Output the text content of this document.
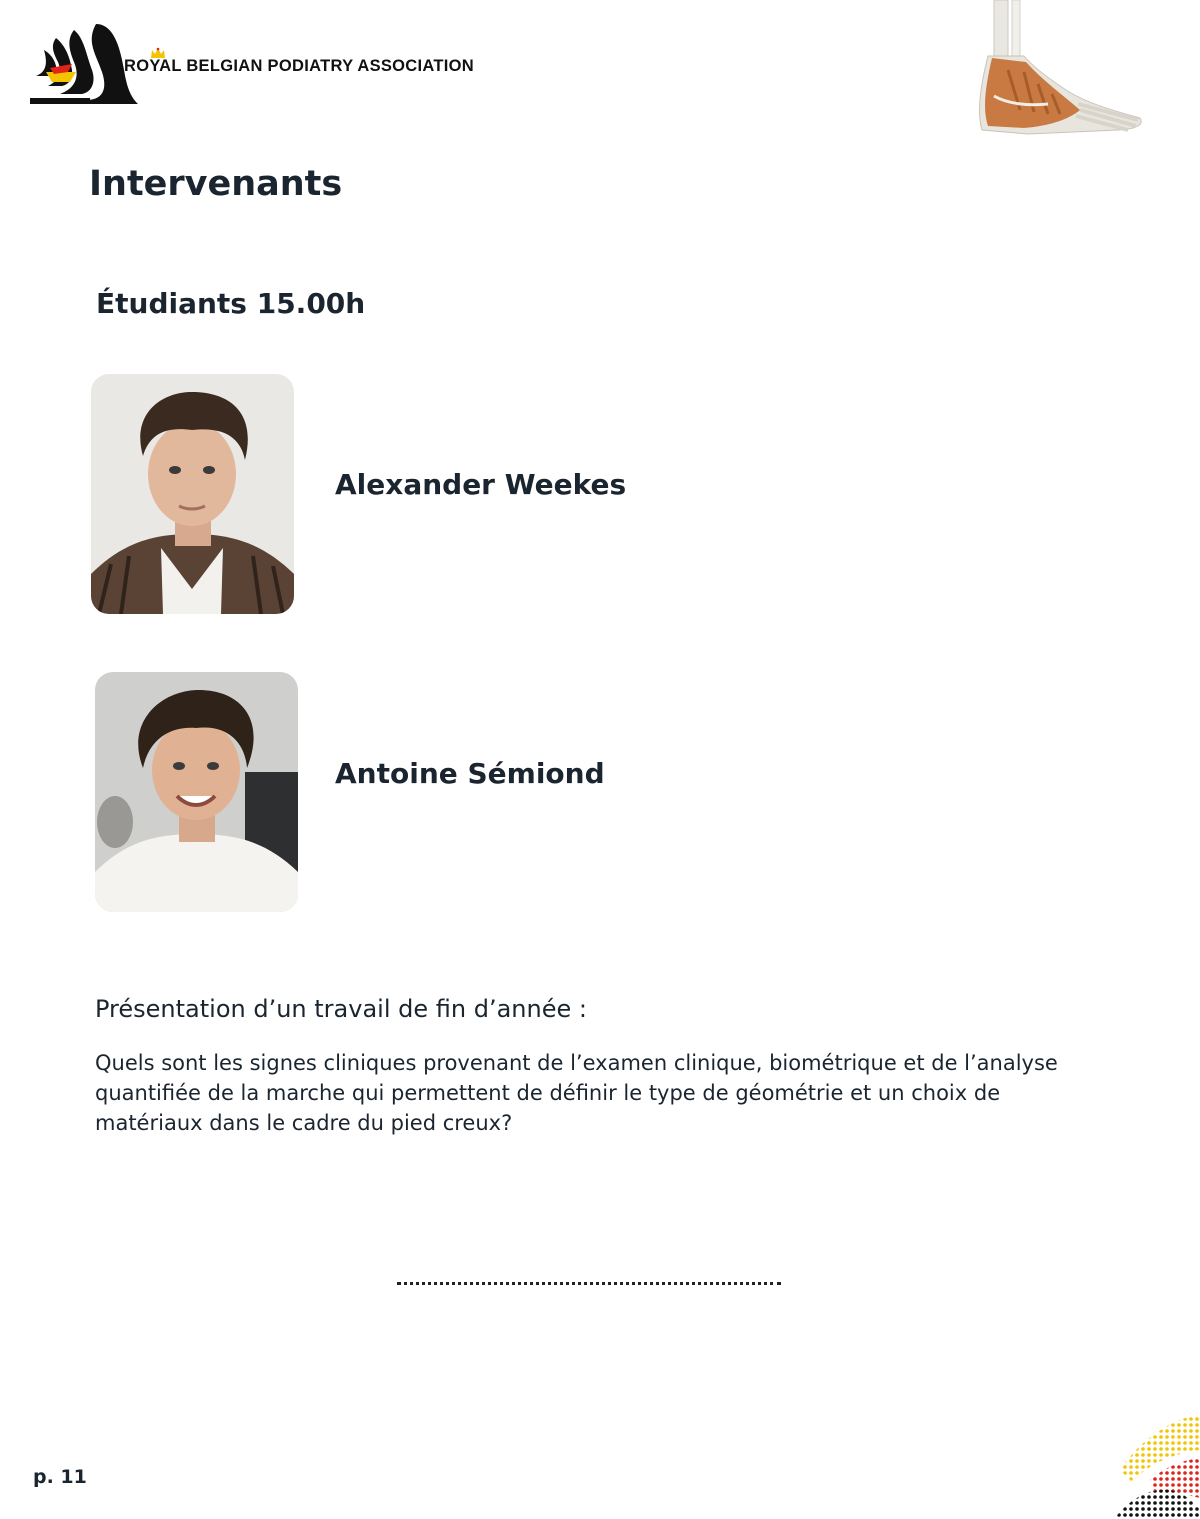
ROYAL BELGIAN PODIATRY ASSOCIATION
Intervenants
Étudiants 15.00h
Alexander Weekes
Antoine Sémiond
Présentation d’un travail de fin d’année :
Quels sont les signes cliniques provenant de l’examen clinique, biométrique et de l’analyse quantifiée de la marche qui permettent de définir le type de géométrie et un choix de matériaux dans le cadre du pied creux?
p. 11
